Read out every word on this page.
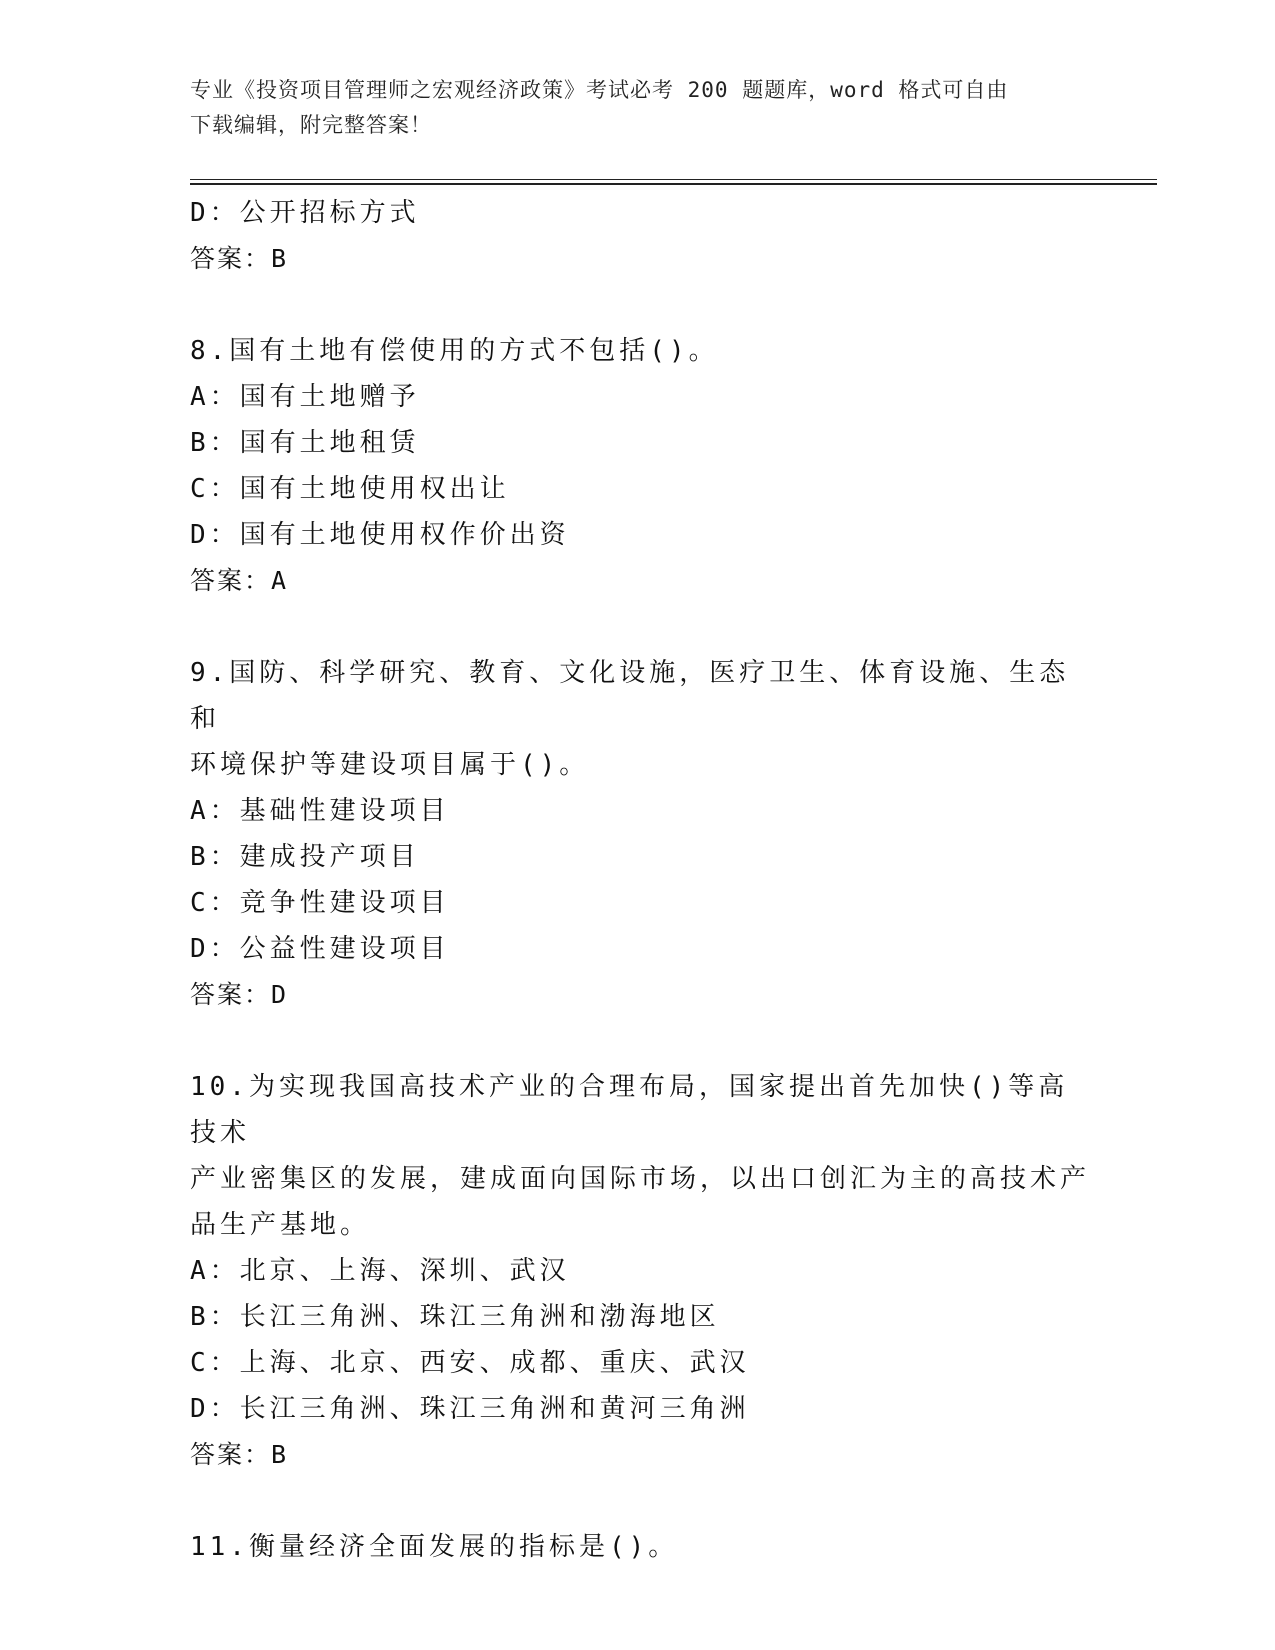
专业《投资项目管理师之宏观经济政策》考试必考 200 题题库，word 格式可自由
下载编辑，附完整答案！
D：公开招标方式
答案：B
8.国有土地有偿使用的方式不包括()。
A：国有土地赠予
B：国有土地租赁
C：国有土地使用权出让
D：国有土地使用权作价出资
答案：A
9.国防、科学研究、教育、文化设施，医疗卫生、体育设施、生态和
环境保护等建设项目属于()。
A：基础性建设项目
B：建成投产项目
C：竞争性建设项目
D：公益性建设项目
答案：D
10.为实现我国高技术产业的合理布局，国家提出首先加快()等高技术
产业密集区的发展，建成面向国际市场，以出口创汇为主的高技术产
品生产基地。
A：北京、上海、深圳、武汉
B：长江三角洲、珠江三角洲和渤海地区
C：上海、北京、西安、成都、重庆、武汉
D：长江三角洲、珠江三角洲和黄河三角洲
答案：B
11.衡量经济全面发展的指标是()。
